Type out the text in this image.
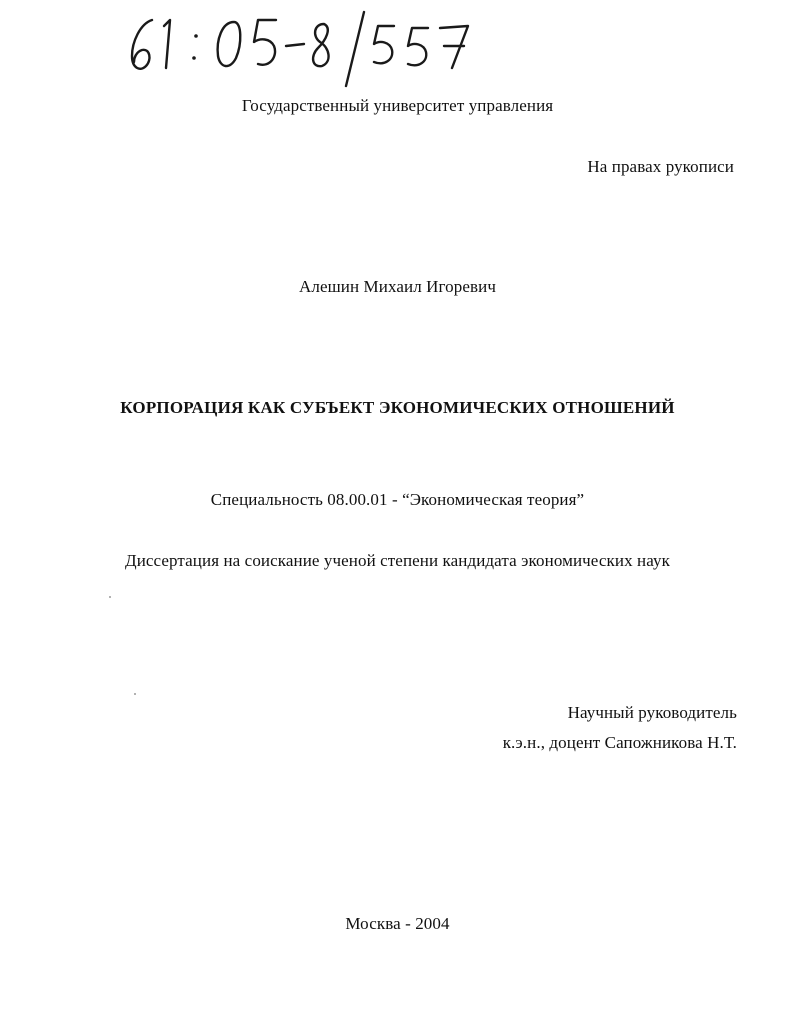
Государственный университет управления
На правах рукописи
Алешин Михаил Игоревич
КОРПОРАЦИЯ КАК СУБЪЕКТ ЭКОНОМИЧЕСКИХ ОТНОШЕНИЙ
Специальность 08.00.01 - “Экономическая теория”
Диссертация на соискание ученой степени кандидата экономических наук
Научный руководитель
к.э.н., доцент Сапожникова Н.Т.
Москва - 2004
